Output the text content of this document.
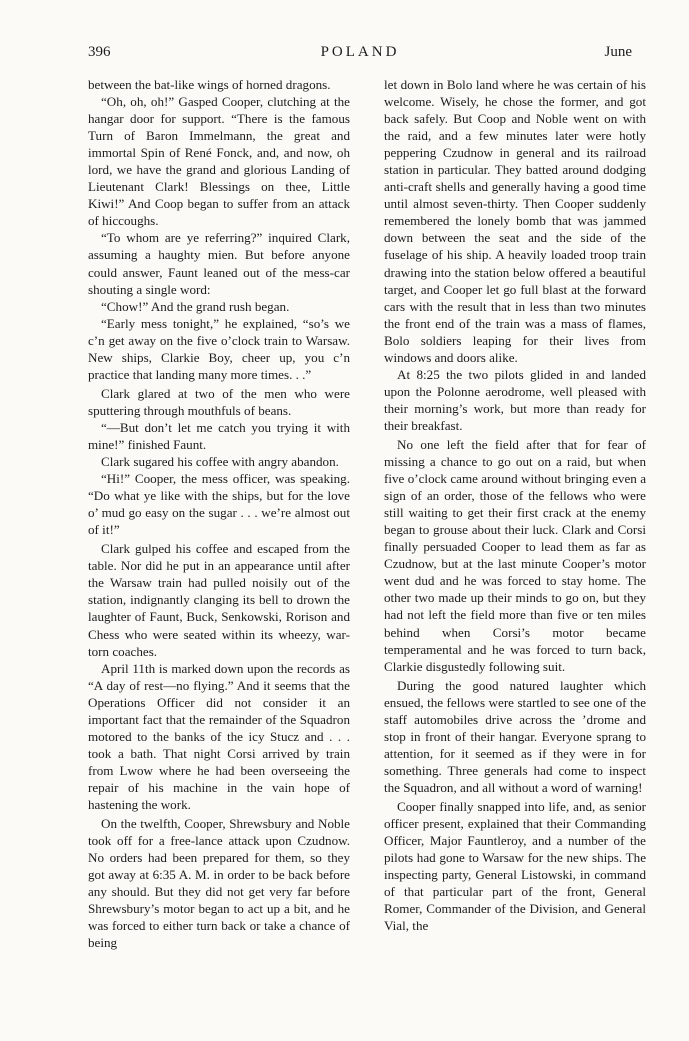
396	POLAND	June

between the bat-like wings of horned dragons.

“Oh, oh, oh!” Gasped Cooper, clutching at the hangar door for support. “There is the famous Turn of Baron Immelmann, the great and immortal Spin of René Fonck, and, and now, oh lord, we have the grand and glorious Landing of Lieutenant Clark! Blessings on thee, Little Kiwi!” And Coop began to suffer from an attack of hiccoughs.

“To whom are ye referring?” inquired Clark, assuming a haughty mien. But before anyone could answer, Faunt leaned out of the mess-car shouting a single word:

“Chow!” And the grand rush began.

“Early mess tonight,” he explained, “so’s we c’n get away on the five o’clock train to Warsaw. New ships, Clarkie Boy, cheer up, you c’n practice that landing many more times. . .”

Clark glared at two of the men who were sputtering through mouthfuls of beans.

“—But don’t let me catch you trying it with mine!” finished Faunt.

Clark sugared his coffee with angry abandon.

“Hi!” Cooper, the mess officer, was speaking. “Do what ye like with the ships, but for the love o’ mud go easy on the sugar . . . we’re almost out of it!”

Clark gulped his coffee and escaped from the table. Nor did he put in an appearance until after the Warsaw train had pulled noisily out of the station, indignantly clanging its bell to drown the laughter of Faunt, Buck, Senkowski, Rorison and Chess who were seated within its wheezy, war-torn coaches.

April 11th is marked down upon the records as “A day of rest—no flying.” And it seems that the Operations Officer did not consider it an important fact that the remainder of the Squadron motored to the banks of the icy Stucz and . . . took a bath. That night Corsi arrived by train from Lwow where he had been overseeing the repair of his machine in the vain hope of hastening the work.

On the twelfth, Cooper, Shrewsbury and Noble took off for a free-lance attack upon Czudnow. No orders had been prepared for them, so they got away at 6:35 A. M. in order to be back before any should. But they did not get very far before Shrewsbury’s motor began to act up a bit, and he was forced to either turn back or take a chance of being

let down in Bolo land where he was certain of his welcome. Wisely, he chose the former, and got back safely. But Coop and Noble went on with the raid, and a few minutes later were hotly peppering Czudnow in general and its railroad station in particular. They batted around dodging anti-craft shells and generally having a good time until almost seven-thirty. Then Cooper suddenly remembered the lonely bomb that was jammed down between the seat and the side of the fuselage of his ship. A heavily loaded troop train drawing into the station below offered a beautiful target, and Cooper let go full blast at the forward cars with the result that in less than two minutes the front end of the train was a mass of flames, Bolo soldiers leaping for their lives from windows and doors alike.

At 8:25 the two pilots glided in and landed upon the Polonne aerodrome, well pleased with their morning’s work, but more than ready for their breakfast.

No one left the field after that for fear of missing a chance to go out on a raid, but when five o’clock came around without bringing even a sign of an order, those of the fellows who were still waiting to get their first crack at the enemy began to grouse about their luck. Clark and Corsi finally persuaded Cooper to lead them as far as Czudnow, but at the last minute Cooper’s motor went dud and he was forced to stay home. The other two made up their minds to go on, but they had not left the field more than five or ten miles behind when Corsi’s motor became temperamental and he was forced to turn back, Clarkie disgustedly following suit.

During the good natured laughter which ensued, the fellows were startled to see one of the staff automobiles drive across the ’drome and stop in front of their hangar. Everyone sprang to attention, for it seemed as if they were in for something. Three generals had come to inspect the Squadron, and all without a word of warning!

Cooper finally snapped into life, and, as senior officer present, explained that their Commanding Officer, Major Fauntleroy, and a number of the pilots had gone to Warsaw for the new ships. The inspecting party, General Listowski, in command of that particular part of the front, General Romer, Commander of the Division, and General Vial, the
